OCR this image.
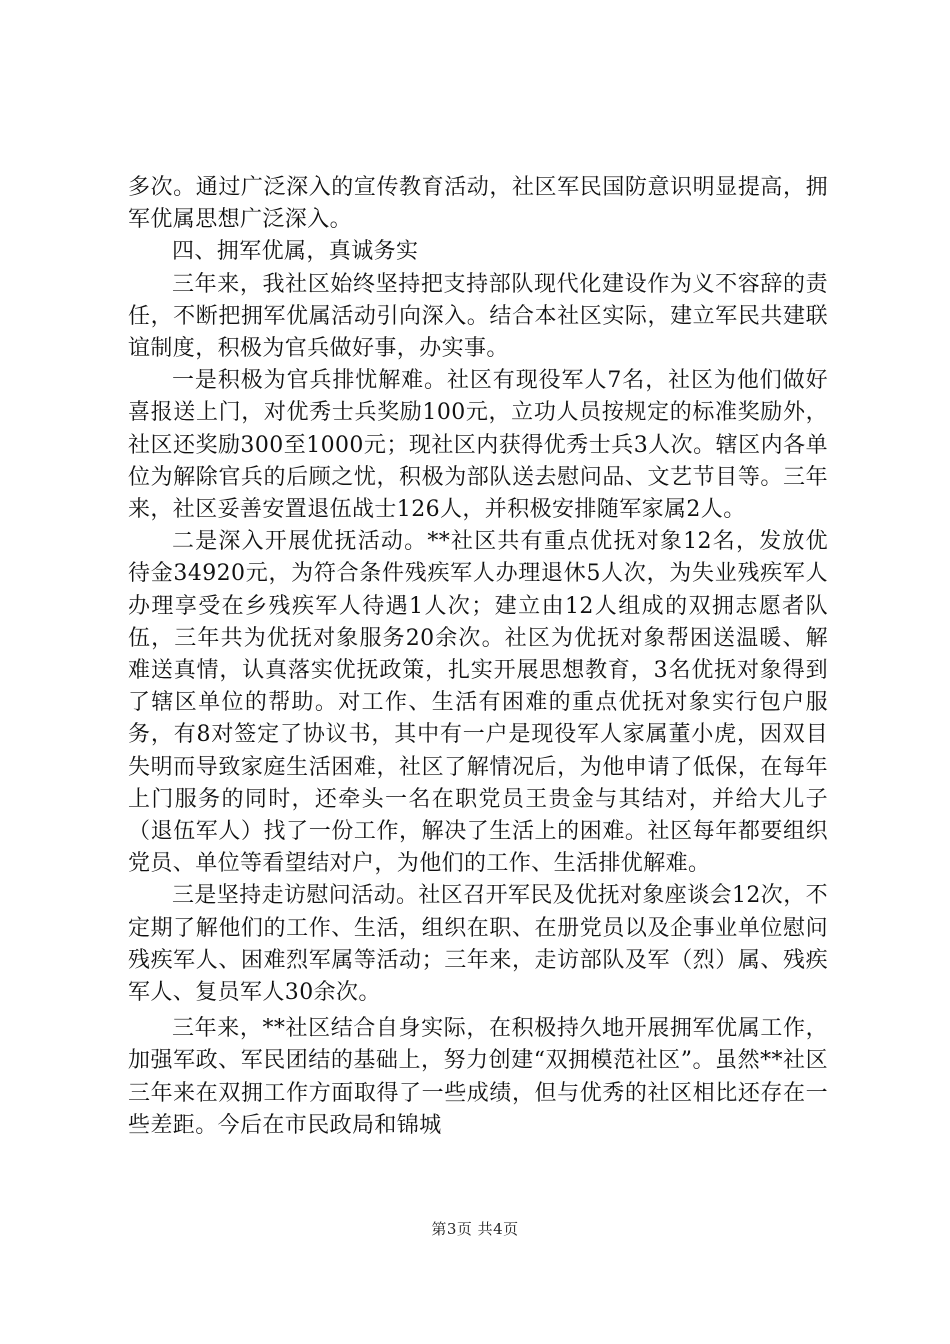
多次。通过广泛深入的宣传教育活动，社区军民国防意识明显提高，拥军优属思想广泛深入。

四、拥军优属，真诚务实

三年来，我社区始终坚持把支持部队现代化建设作为义不容辞的责任，不断把拥军优属活动引向深入。结合本社区实际，建立军民共建联谊制度，积极为官兵做好事，办实事。

一是积极为官兵排忧解难。社区有现役军人7名，社区为他们做好喜报送上门，对优秀士兵奖励100元，立功人员按规定的标准奖励外，社区还奖励300至1000元；现社区内获得优秀士兵3人次。辖区内各单位为解除官兵的后顾之忧，积极为部队送去慰问品、文艺节目等。三年来，社区妥善安置退伍战士126人，并积极安排随军家属2人。

二是深入开展优抚活动。**社区共有重点优抚对象12名，发放优待金34920元，为符合条件残疾军人办理退休5人次，为失业残疾军人办理享受在乡残疾军人待遇1人次；建立由12人组成的双拥志愿者队伍，三年共为优抚对象服务20余次。社区为优抚对象帮困送温暖、解难送真情，认真落实优抚政策，扎实开展思想教育，3名优抚对象得到了辖区单位的帮助。对工作、生活有困难的重点优抚对象实行包户服务，有8对签定了协议书，其中有一户是现役军人家属董小虎，因双目失明而导致家庭生活困难，社区了解情况后，为他申请了低保，在每年上门服务的同时，还牵头一名在职党员王贵金与其结对，并给大儿子（退伍军人）找了一份工作，解决了生活上的困难。社区每年都要组织党员、单位等看望结对户，为他们的工作、生活排优解难。

三是坚持走访慰问活动。社区召开军民及优抚对象座谈会12次，不定期了解他们的工作、生活，组织在职、在册党员以及企事业单位慰问残疾军人、困难烈军属等活动；三年来，走访部队及军（烈）属、残疾军人、复员军人30余次。

三年来，**社区结合自身实际，在积极持久地开展拥军优属工作，加强军政、军民团结的基础上，努力创建“双拥模范社区”。虽然**社区三年来在双拥工作方面取得了一些成绩，但与优秀的社区相比还存在一些差距。今后在市民政局和锦城

第3页 共4页
